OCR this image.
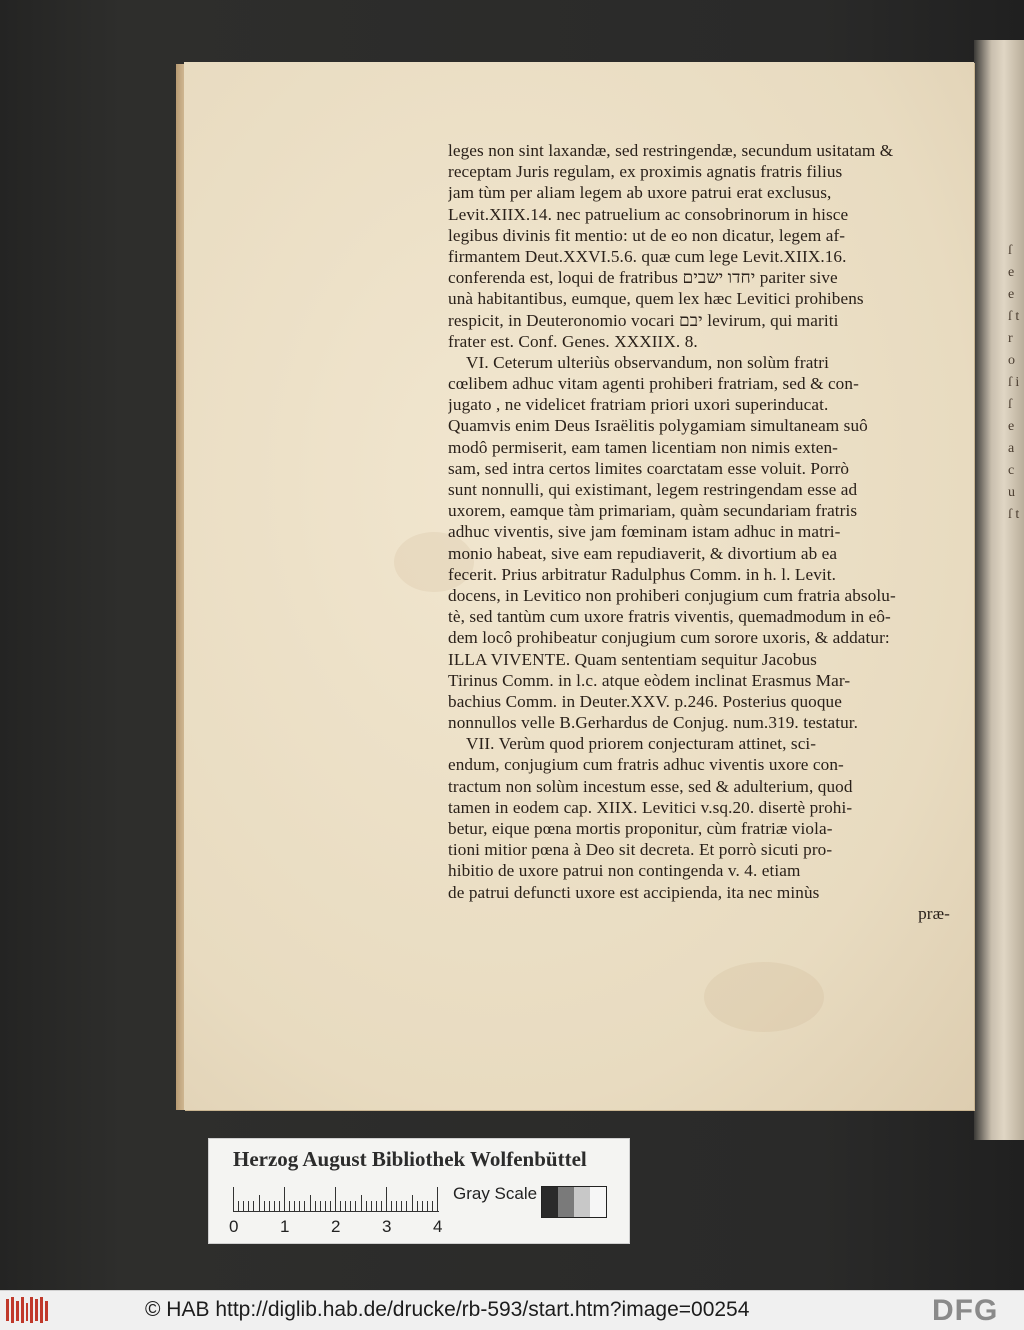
ſ e e ſ t r o ſ i ſ e a c u ſ t
leges non sint laxandæ, sed restringendæ, secundum usitatam &
receptam Juris regulam, ex proximis agnatis fratris filius
jam tùm per aliam legem ab uxore patrui erat exclusus,
Levit.XIIX.14. nec patruelium ac consobrinorum in hisce
legibus divinis fit mentio: ut de eo non dicatur, legem af-
firmantem Deut.XXVI.5.6. quæ cum lege Levit.XIIX.16.
conferenda est, loqui de fratribus יחדו ישבים pariter sive
unà habitantibus, eumque, quem lex hæc Levitici prohibens
respicit, in Deuteronomio vocari יבם levirum, qui mariti
frater est. Conf. Genes. XXXIIX. 8.
VI. Ceterum ulteriùs observandum, non solùm fratri
cœlibem adhuc vitam agenti prohiberi fratriam, sed & con-
jugato , ne videlicet fratriam priori uxori superinducat.
Quamvis enim Deus Israëlitis polygamiam simultaneam suô
modô permiserit, eam tamen licentiam non nimis exten-
sam, sed intra certos limites coarctatam esse voluit. Porrò
sunt nonnulli, qui existimant, legem restringendam esse ad
uxorem, eamque tàm primariam, quàm secundariam fratris
adhuc viventis, sive jam fœminam istam adhuc in matri-
monio habeat, sive eam repudiaverit, & divortium ab ea
fecerit. Prius arbitratur Radulphus Comm. in h. l. Levit.
docens, in Levitico non prohiberi conjugium cum fratria absolu-
tè, sed tantùm cum uxore fratris viventis, quemadmodum in eô-
dem locô prohibeatur conjugium cum sorore uxoris, & addatur:
ILLA VIVENTE. Quam sententiam sequitur Jacobus
Tirinus Comm. in l.c. atque eòdem inclinat Erasmus Mar-
bachius Comm. in Deuter.XXV. p.246. Posterius quoque
nonnullos velle B.Gerhardus de Conjug. num.319. testatur.
VII. Verùm quod priorem conjecturam attinet, sci-
endum, conjugium cum fratris adhuc viventis uxore con-
tractum non solùm incestum esse, sed & adulterium, quod
tamen in eodem cap. XIIX. Levitici v.sq.20. disertè prohi-
betur, eique pœna mortis proponitur, cùm fratriæ viola-
tioni mitior pœna à Deo sit decreta. Et porrò sicuti pro-
hibitio de uxore patrui non contingenda v. 4. etiam
de patrui defuncti uxore est accipienda, ita nec minùs
præ-
Herzog August Bibliothek Wolfenbüttel
0 1 2 3 4
Gray Scale
© HAB http://diglib.hab.de/drucke/rb-593/start.htm?image=00254	DFG
